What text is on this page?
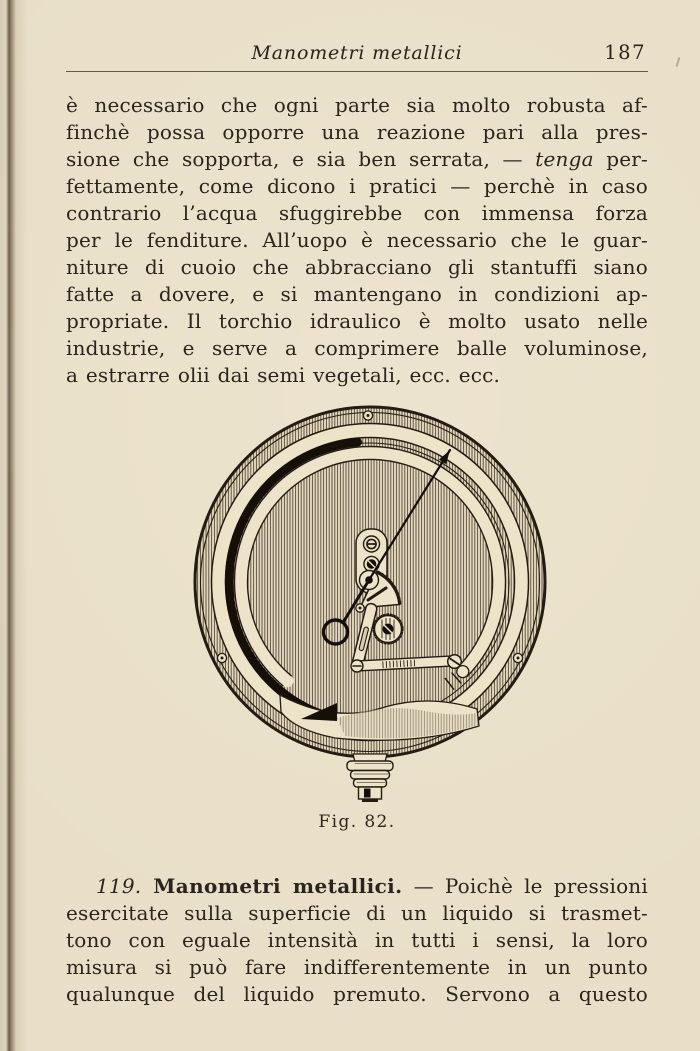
Manometri metallici	187
è necessario che ogni parte sia molto robusta af-
finchè possa opporre una reazione pari alla pres-
sione che sopporta, e sia ben serrata, — tenga per-
fettamente, come dicono i pratici — perchè in caso
contrario l’acqua sfuggirebbe con immensa forza
per le fenditure. All’uopo è necessario che le guar-
niture di cuoio che abbracciano gli stantuffi siano
fatte a dovere, e si mantengano in condizioni ap-
propriate. Il torchio idraulico è molto usato nelle
industrie, e serve a comprimere balle voluminose,
a estrarre olii dai semi vegetali, ecc. ecc.
Fig. 82.
119. Manometri metallici. — Poichè le pressioni
esercitate sulla superficie di un liquido si trasmet-
tono con eguale intensità in tutti i sensi, la loro
misura si può fare indifferentemente in un punto
qualunque del liquido premuto. Servono a questo
